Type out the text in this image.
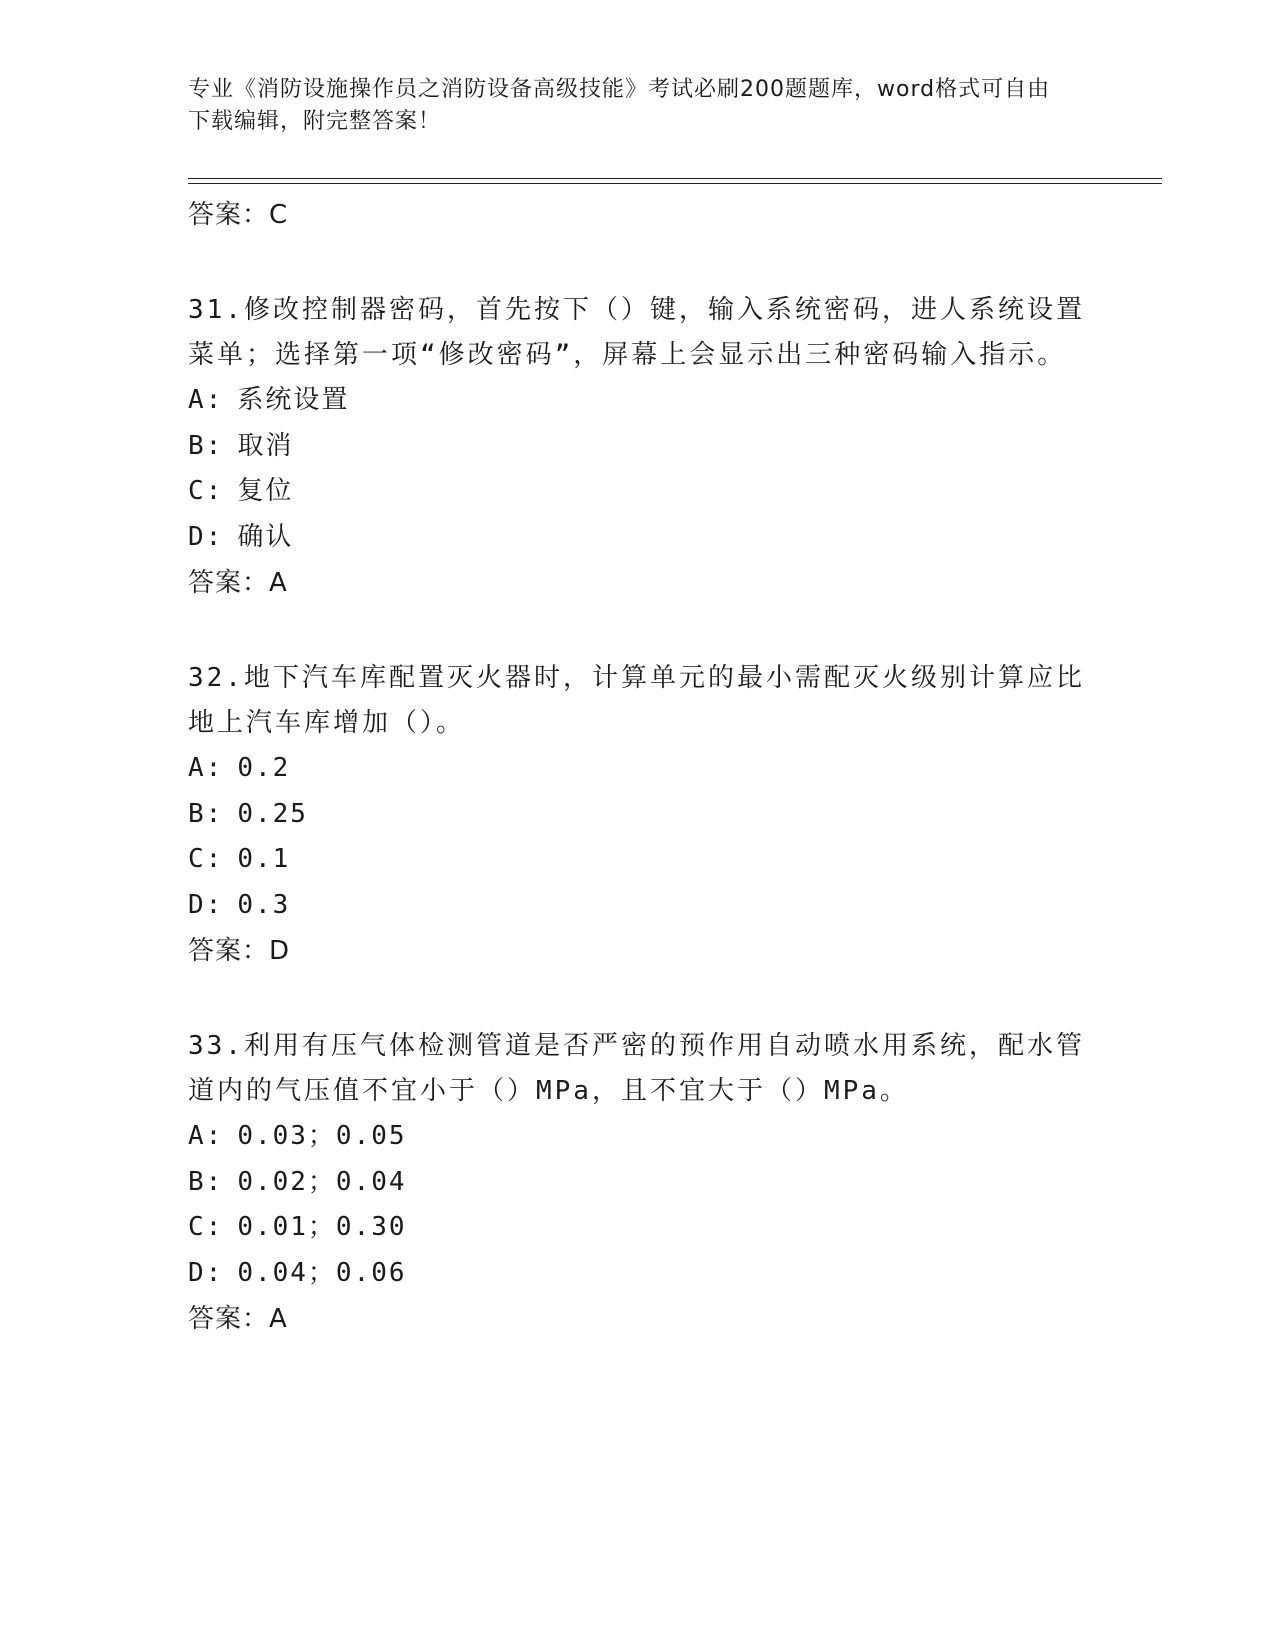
专业《消防设施操作员之消防设备高级技能》考试必刷200题题库，word格式可自由下载编辑，附完整答案！
答案：C
31.修改控制器密码，首先按下（）键，输入系统密码，进人系统设置菜单；选择第一项“修改密码”，屏幕上会显示出三种密码输入指示。
A: 系统设置
B: 取消
C: 复位
D: 确认
答案：A
32.地下汽车库配置灭火器时，计算单元的最小需配灭火级别计算应比地上汽车库增加（）。
A: 0.2
B: 0.25
C: 0.1
D: 0.3
答案：D
33.利用有压气体检测管道是否严密的预作用自动喷水用系统，配水管道内的气压值不宜小于（）MPa，且不宜大于（）MPa。
A: 0.03；0.05
B: 0.02；0.04
C: 0.01；0.30
D: 0.04；0.06
答案：A
